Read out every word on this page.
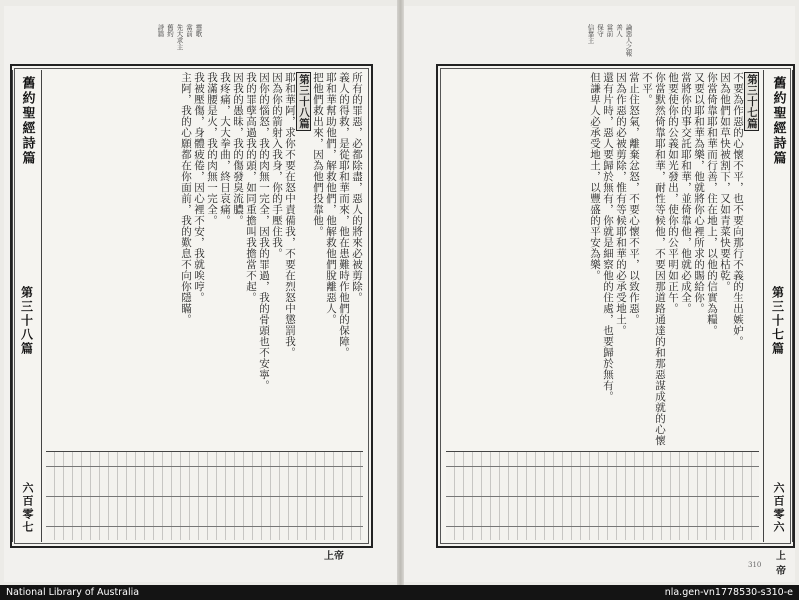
靈歌
當前
先大求主
舊約
詩篇
舊約聖經詩篇
第三十八篇
六百零七

所有的罪惡，必都除盡，惡人的將來必被剪除。

義人的得救，是從耶和華而來，他在患難時作他們的保障。

耶和華幫助他們，解救他們，他解救他們脫離惡人。

把他們救出來，因為他們投靠他。

第三十八篇

耶和華阿，求你不要在怒中責備我，不要在烈怒中懲罰我。

因為你的箭射入我身，你的手壓住我。

因你的惱怒，我的肉無一完全，因我的罪過，我的骨頭也不安寧。

我的罪孽高過我的頭，如同重擔叫我擔當不起。

因我的愚昧，我的傷發臭流膿。

我疼痛，大大拳曲，終日哀痛。

我滿腰是火，我的肉無一完全。

我被壓傷，身體疲倦，因心裡不安，我就唉哼。

主阿，我的心願都在你面前，我的歎息不向你隱瞞。

上帝
論惡人之報
善人
當前
保守
信靠主
舊約聖經詩篇
第三十七篇
六百零六

第三十七篇

不要為作惡的心懷不平，也不要向那行不義的生出嫉妒。

因為他們如草快被割下，又如青菜快要枯乾。

你當倚靠耶和華而行善，住在地上，以他的信實為糧。

又要以耶和華為樂，他就將你心裡所求的賜給你。

當將你的事交託耶和華，並倚靠他，他就必成全。

他要使你的公義如光發出，使你的公平明如正午。

你當默然倚靠耶和華，耐性等候他，不要因那道路通達的和那惡謀成就的心懷不平。

當止住怒氣，離棄忿怒，不要心懷不平，以致作惡。

因為作惡的必被剪除，惟有等候耶和華的必承受地土。

還有片時，惡人要歸於無有，你就是細察他的住處，也要歸於無有。

但謙卑人必承受地土，以豐盛的平安為樂。

上帝
310
National Library of Australia	nla.gen-vn1778530-s310-e
